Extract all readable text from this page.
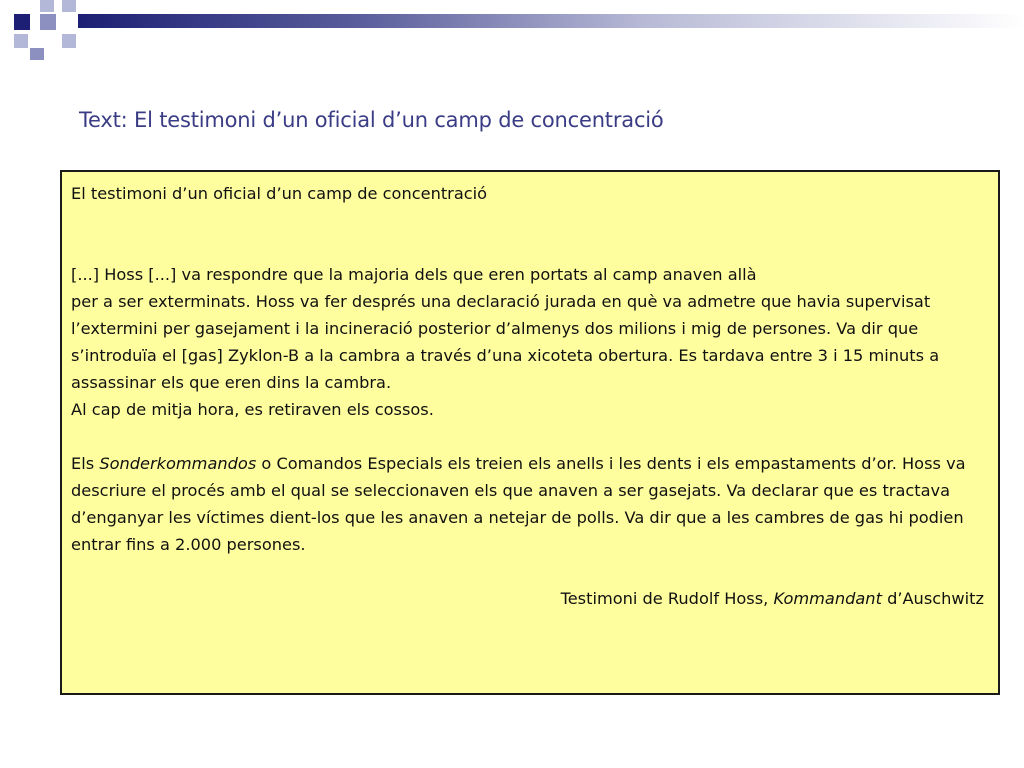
Text: El testimoni d’un oficial d’un camp de concentració

El testimoni d’un oficial d’un camp de concentració

[...] Hoss [...] va respondre que la majoria dels que eren portats al camp anaven allà

per a ser exterminats. Hoss va fer després una declaració jurada en què va admetre que havia supervisat l’extermini per gasejament i la incineració posterior d’almenys dos milions i mig de persones. Va dir que s’introduïa el [gas] Zyklon-B a la cambra a través d’una xicoteta obertura. Es tardava entre 3 i 15 minuts a assassinar els que eren dins la cambra.

Al cap de mitja hora, es retiraven els cossos.

Els Sonderkommandos o Comandos Especials els treien els anells i les dents i els empastaments d’or. Hoss va descriure el procés amb el qual se seleccionaven els que anaven a ser gasejats. Va declarar que es tractava d’enganyar les víctimes dient-los que les anaven a netejar de polls. Va dir que a les cambres de gas hi podien entrar fins a 2.000 persones.

Testimoni de Rudolf Hoss, Kommandant d’Auschwitz
